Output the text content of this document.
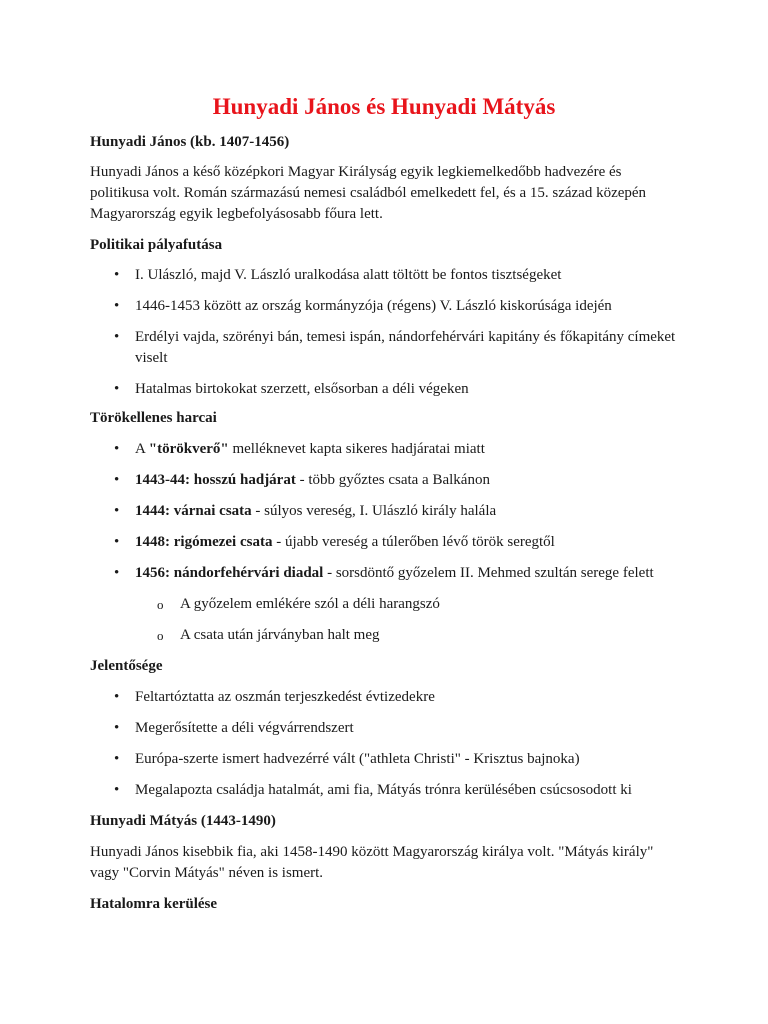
Hunyadi János és Hunyadi Mátyás
Hunyadi János (kb. 1407-1456)

Hunyadi János a késő középkori Magyar Királyság egyik legkiemelkedőbb hadvezére és politikusa volt. Román származású nemesi családból emelkedett fel, és a 15. század közepén Magyarország egyik legbefolyásosabb főura lett.

Politikai pályafutása
• I. Ulászló, majd V. László uralkodása alatt töltött be fontos tisztségeket
• 1446-1453 között az ország kormányzója (régens) V. László kiskorúsága idején
• Erdélyi vajda, szörényi bán, temesi ispán, nándorfehérvári kapitány és főkapitány címeket viselt
• Hatalmas birtokokat szerzett, elsősorban a déli végeken
Törökellenes harcai
• A "törökverő" melléknevet kapta sikeres hadjáratai miatt
• 1443-44: hosszú hadjárat - több győztes csata a Balkánon
• 1444: várnai csata - súlyos vereség, I. Ulászló király halála
• 1448: rigómezei csata - újabb vereség a túlerőben lévő török seregtől
• 1456: nándorfehérvári diadal - sorsdöntő győzelem II. Mehmed szultán serege felett
o A győzelem emlékére szól a déli harangszó
o A csata után járványban halt meg
Jelentősége
• Feltartóztatta az oszmán terjeszkedést évtizedekre
• Megerősítette a déli végvárrendszert
• Európa-szerte ismert hadvezérré vált ("athleta Christi" - Krisztus bajnoka)
• Megalapozta családja hatalmát, ami fia, Mátyás trónra kerülésében csúcsosodott ki
Hunyadi Mátyás (1443-1490)

Hunyadi János kisebbik fia, aki 1458-1490 között Magyarország királya volt. "Mátyás király" vagy "Corvin Mátyás" néven is ismert.

Hatalomra kerülése
